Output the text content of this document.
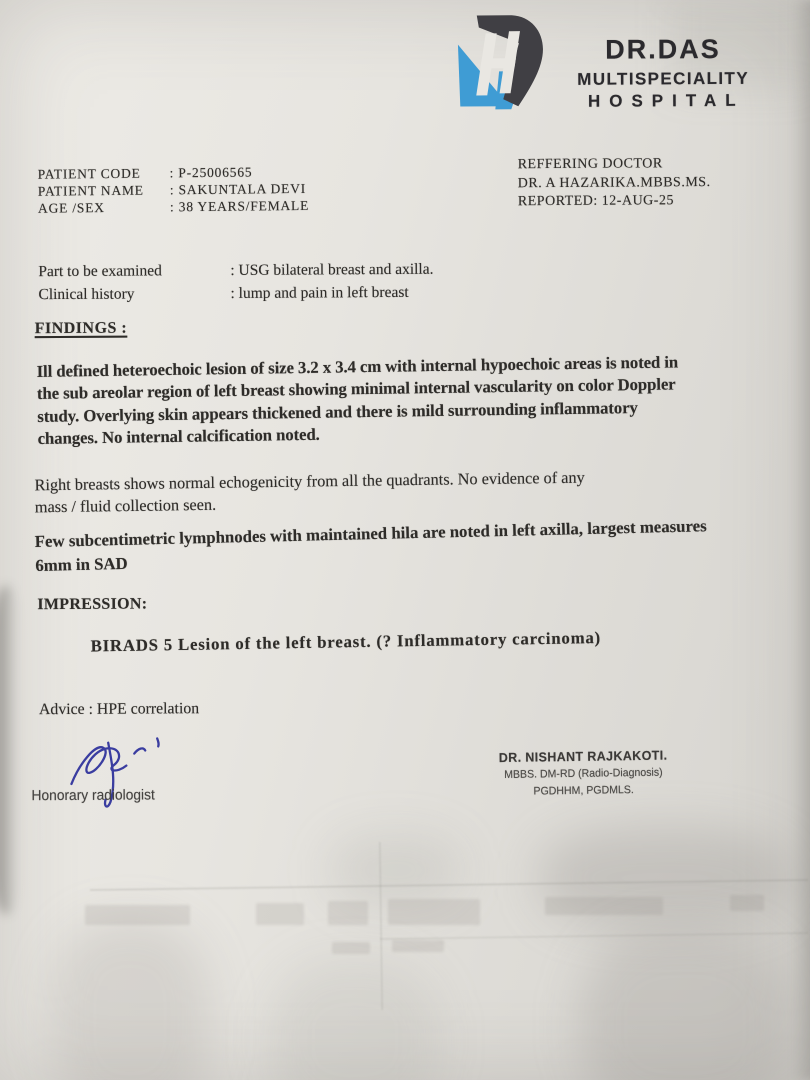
DR.DAS
MULTISPECIALITY
HOSPITAL
PATIENT CODE	: P-25006565
PATIENT NAME	: SAKUNTALA DEVI
AGE /SEX	: 38 YEARS/FEMALE
REFFERING DOCTOR
DR. A HAZARIKA.MBBS.MS.
REPORTED: 12-AUG-25
Part to be examined	: USG bilateral breast and axilla.
Clinical history	: lump and pain in left breast
FINDINGS :
Ill defined heteroechoic lesion of size 3.2 x 3.4 cm with internal hypoechoic areas is noted in
the sub areolar region of left breast showing minimal internal vascularity on color Doppler
study. Overlying skin appears thickened and there is mild surrounding inflammatory
changes. No internal calcification noted.
Right breasts shows normal echogenicity from all the quadrants. No evidence of any
mass / fluid collection seen.
Few subcentimetric lymphnodes with maintained hila are noted in left axilla, largest measures
6mm in SAD
IMPRESSION:
BIRADS 5 Lesion of the left breast. (? Inflammatory carcinoma)
Advice : HPE correlation
Honorary radiologist
DR. NISHANT RAJKAKOTI.
MBBS. DM-RD (Radio-Diagnosis)
PGDHHM, PGDMLS.
